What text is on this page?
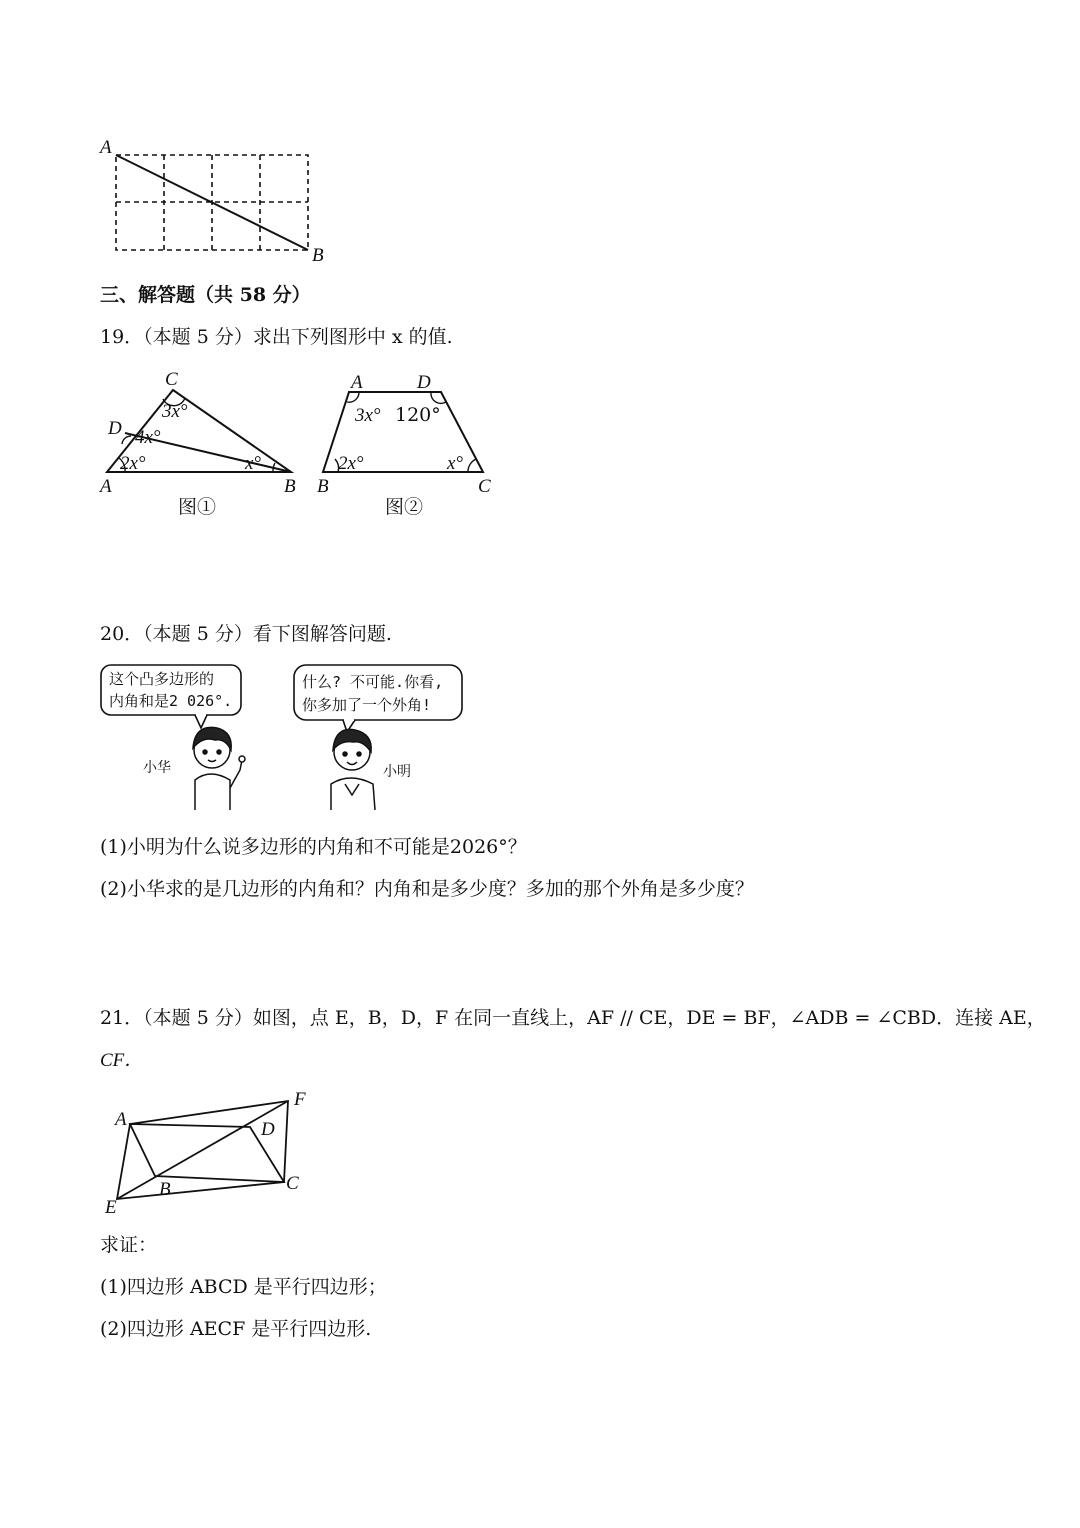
A
B
三、解答题（共 58 分）
19．（本题 5 分）求出下列图形中 x 的值.
C
D
A	B
3x°
4x°
2x°	x°
图①
A	D
B	C
3x° 120°
2x°	x°
图②
20．（本题 5 分）看下图解答问题.
这个凸多边形的
内角和是2 026°.
什么? 不可能.你看,
你多加了一个外角!
小华	小明
(1)小明为什么说多边形的内角和不可能是2026°？
(2)小华求的是几边形的内角和？内角和是多少度？多加的那个外角是多少度？
21．（本题 5 分）如图，点 E，B，D，F 在同一直线上，AF // CE，DE = BF，∠ADB = ∠CBD．连接 AE，
CF．
A	D
F
B	C
E
求证：
(1)四边形 ABCD 是平行四边形；
(2)四边形 AECF 是平行四边形.
